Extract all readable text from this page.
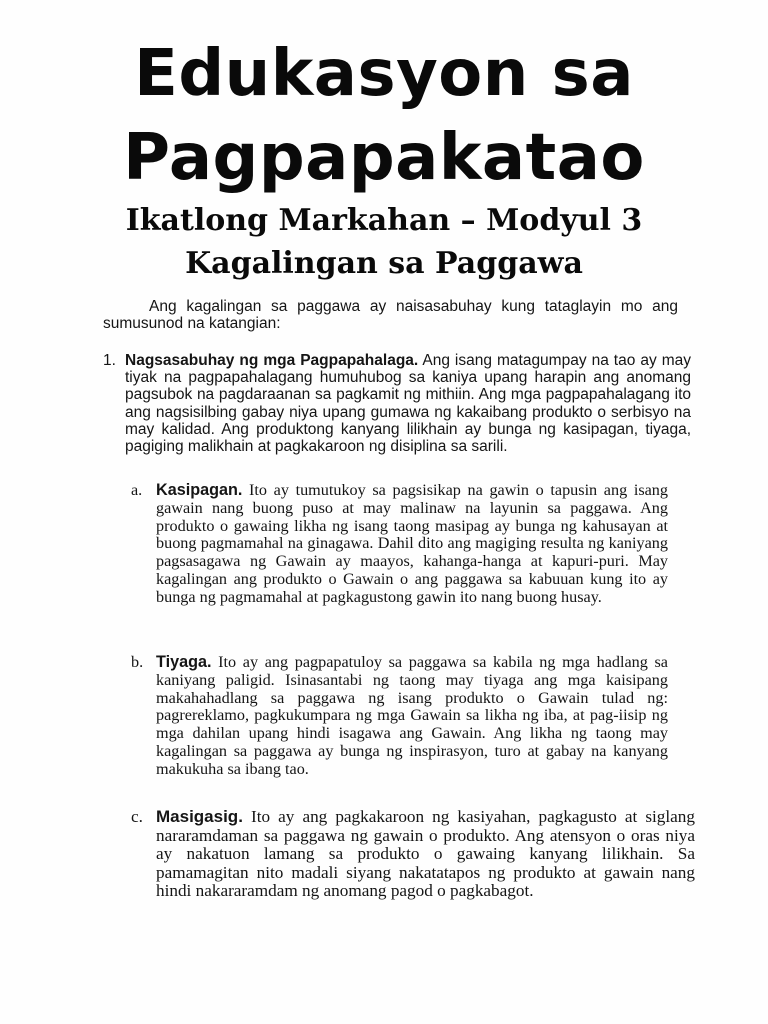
Edukasyon sa
Pagpapakatao
Ikatlong Markahan – Modyul 3
Kagalingan sa Paggawa

Ang kagalingan sa paggawa ay naisasabuhay kung tataglayin mo ang sumusunod na katangian:

1. Nagsasabuhay ng mga Pagpapahalaga. Ang isang matagumpay na tao ay may tiyak na pagpapahalagang humuhubog sa kaniya upang harapin ang anomang pagsubok na pagdaraanan sa pagkamit ng mithiin. Ang mga pagpapahalagang ito ang nagsisilbing gabay niya upang gumawa ng kakaibang produkto o serbisyo na may kalidad. Ang produktong kanyang lilikhain ay bunga ng kasipagan, tiyaga, pagiging malikhain at pagkakaroon ng disiplina sa sarili.
a. Kasipagan. Ito ay tumutukoy sa pagsisikap na gawin o tapusin ang isang gawain nang buong puso at may malinaw na layunin sa paggawa. Ang produkto o gawaing likha ng isang taong masipag ay bunga ng kahusayan at buong pagmamahal na ginagawa. Dahil dito ang magiging resulta ng kaniyang pagsasagawa ng Gawain ay maayos, kahanga-hanga at kapuri-puri. May kagalingan ang produkto o Gawain o ang paggawa sa kabuuan kung ito ay bunga ng pagmamahal at pagkagustong gawin ito nang buong husay.
b. Tiyaga. Ito ay ang pagpapatuloy sa paggawa sa kabila ng mga hadlang sa kaniyang paligid. Isinasantabi ng taong may tiyaga ang mga kaisipang makahahadlang sa paggawa ng isang produkto o Gawain tulad ng: pagrereklamo, pagkukumpara ng mga Gawain sa likha ng iba, at pag-iisip ng mga dahilan upang hindi isagawa ang Gawain. Ang likha ng taong may kagalingan sa paggawa ay bunga ng inspirasyon, turo at gabay na kanyang makukuha sa ibang tao.
c. Masigasig. Ito ay ang pagkakaroon ng kasiyahan, pagkagusto at siglang nararamdaman sa paggawa ng gawain o produkto. Ang atensyon o oras niya ay nakatuon lamang sa produkto o gawaing kanyang lilikhain. Sa pamamagitan nito madali siyang nakatatapos ng produkto at gawain nang hindi nakararamdam ng anomang pagod o pagkabagot.
